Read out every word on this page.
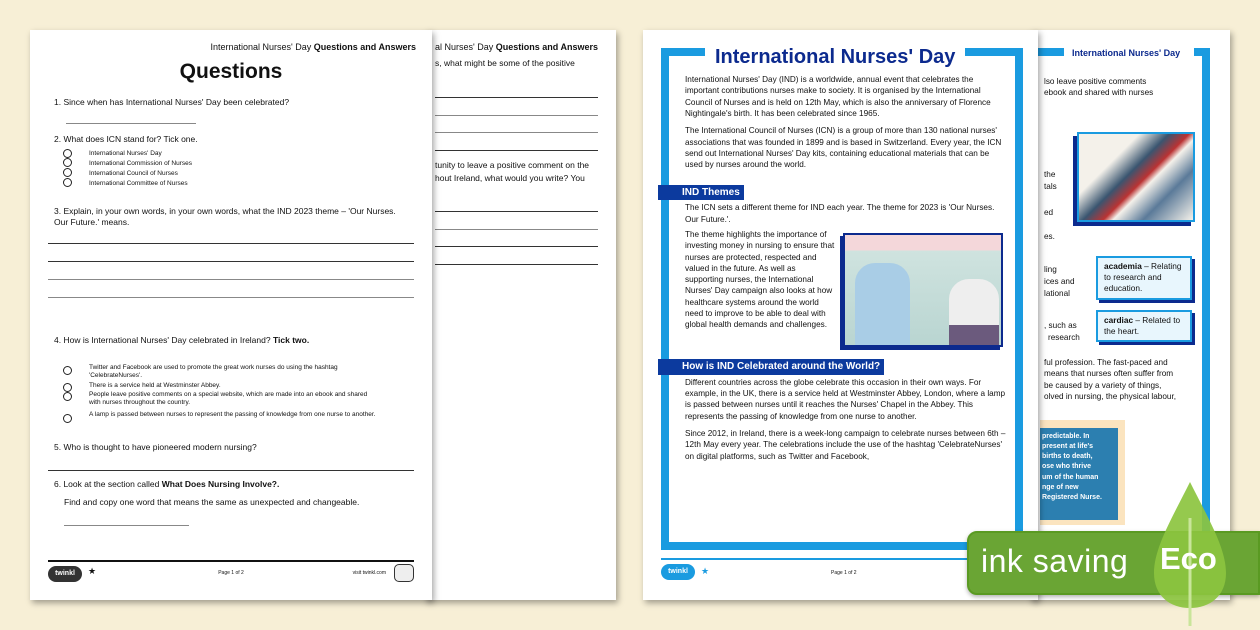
al Nurses' Day Questions and Answers
s, what might be some of the positive
tunity to leave a positive comment on the
hout Ireland, what would you write? You
International Nurses' Day Questions and Answers
Questions
1. Since when has International Nurses' Day been celebrated?
2. What does ICN stand for? Tick one.
International Nurses' Day
International Commission of Nurses
International Council of Nurses
International Committee of Nurses
3. Explain, in your own words, in your own words, what the IND 2023 theme – 'Our Nurses. Our Future.' means.
4. How is International Nurses' Day celebrated in Ireland? Tick two.
Twitter and Facebook are used to promote the great work nurses do using the hashtag 'CelebrateNurses'.
There is a service held at Westminster Abbey.
People leave positive comments on a special website, which are made into an ebook and shared with nurses throughout the country.
A lamp is passed between nurses to represent the passing of knowledge from one nurse to another.
5. Who is thought to have pioneered modern nursing?
6. Look at the section called What Does Nursing Involve?.
Find and copy one word that means the same as unexpected and changeable.
twinkl	★	Page 1 of 2	visit twinkl.com
International Nurses' Day
lso leave positive comments
ebook and shared with nurses
the
tals
ed
es.
ling
ices and
lational
, such as
research
academia – Relating to research and education.
cardiac – Related to the heart.
ful profession. The fast-paced and
means that nurses often suffer from
be caused by a variety of things,
olved in nursing, the physical labour,
predictable. In
present at life's
births to death,
ose who thrive
um of the human
nge of new
Registered Nurse.
International Nurses' Day

International Nurses' Day (IND) is a worldwide, annual event that celebrates the important contributions nurses make to society. It is organised by the International Council of Nurses and is held on 12th May, which is also the anniversary of Florence Nightingale's birth. It has been celebrated since 1965.

The International Council of Nurses (ICN) is a group of more than 130 national nurses' associations that was founded in 1899 and is based in Switzerland. Every year, the ICN send out International Nurses' Day kits, containing educational materials that can be used by nurses around the world.

IND Themes

The ICN sets a different theme for IND each year. The theme for 2023 is 'Our Nurses. Our Future.'.

The theme highlights the importance of investing money in nursing to ensure that nurses are protected, respected and valued in the future. As well as supporting nurses, the International Nurses' Day campaign also looks at how healthcare systems around the world need to improve to be able to deal with global health demands and challenges.
How is IND Celebrated around the World?

Different countries across the globe celebrate this occasion in their own ways. For example, in the UK, there is a service held at Westminster Abbey, London, where a lamp is passed between nurses until it reaches the Nurses' Chapel in the Abbey. This represents the passing of knowledge from one nurse to another.

Since 2012, in Ireland, there is a week-long campaign to celebrate nurses between 6th – 12th May every year. The celebrations include the use of the hashtag 'CelebrateNurses' on digital platforms, such as Twitter and Facebook,

twinkl	★	Page 1 of 2	ink saving Eco
